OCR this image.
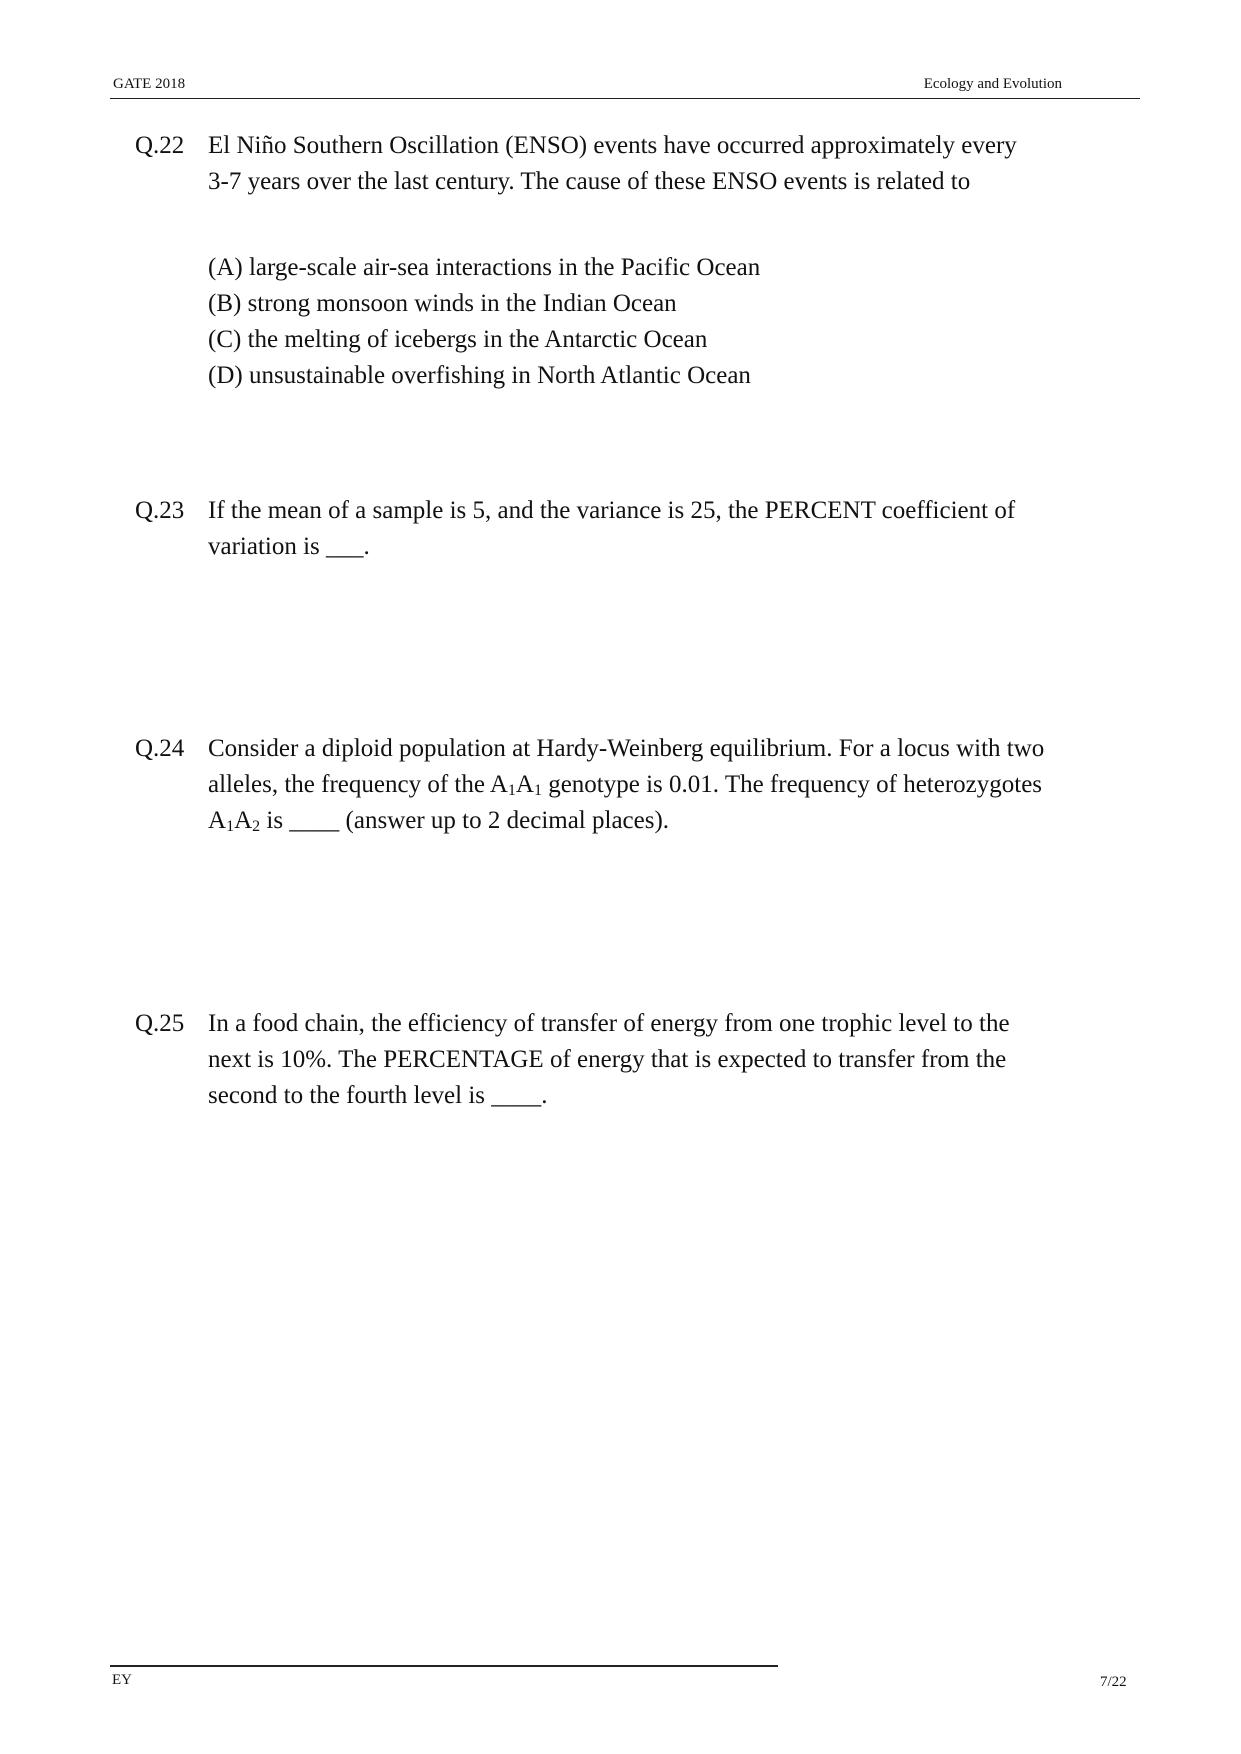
GATE 2018	Ecology and Evolution
Q.22 El Niño Southern Oscillation (ENSO) events have occurred approximately every
3-7 years over the last century. The cause of these ENSO events is related to
(A) large-scale air-sea interactions in the Pacific Ocean
(B) strong monsoon winds in the Indian Ocean
(C) the melting of icebergs in the Antarctic Ocean
(D) unsustainable overfishing in North Atlantic Ocean
Q.23 If the mean of a sample is 5, and the variance is 25, the PERCENT coefficient of
variation is ___.
Q.24 Consider a diploid population at Hardy-Weinberg equilibrium. For a locus with two
alleles, the frequency of the $A_1A_1$ genotype is 0.01. The frequency of heterozygotes
$A_1A_2$ is ____ (answer up to 2 decimal places).
Q.25 In a food chain, the efficiency of transfer of energy from one trophic level to the
next is 10%. The PERCENTAGE of energy that is expected to transfer from the
second to the fourth level is ____.
EY	7/22
